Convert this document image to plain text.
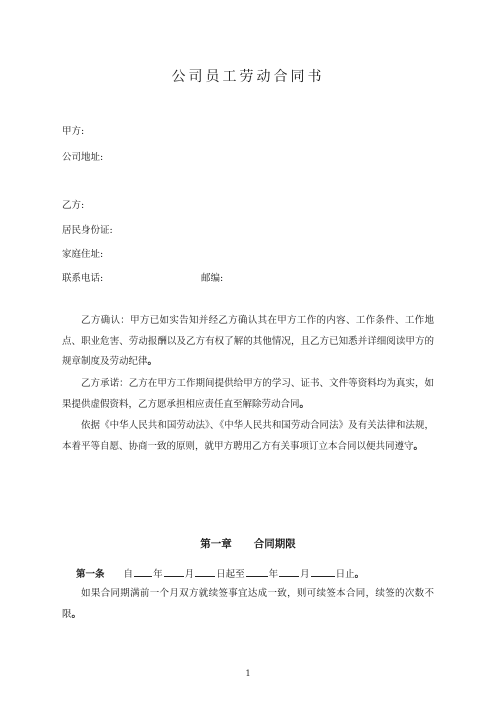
公司员工劳动合同书
甲方:
公司地址:
乙方:
居民身份证:
家庭住址:
联系电话:	邮编:
乙方确认：甲方已如实告知并经乙方确认其在甲方工作的内容、工作条件、工作地点、职业危害、劳动报酬以及乙方有权了解的其他情况，且乙方已知悉并详细阅读甲方的规章制度及劳动纪律。
乙方承诺：乙方在甲方工作期间提供给甲方的学习、证书、文件等资料均为真实，如果提供虚假资料，乙方愿承担相应责任直至解除劳动合同。
依据《中华人民共和国劳动法》、《中华人民共和国劳动合同法》及有关法律和法规，本着平等自愿、协商一致的原则，就甲方聘用乙方有关事项订立本合同以便共同遵守。
第一章 合同期限
第一条 自 年 月 日起至	年 月	日止。
如果合同期满前一个月双方就续签事宜达成一致，则可续签本合同，续签的次数不限。
1
